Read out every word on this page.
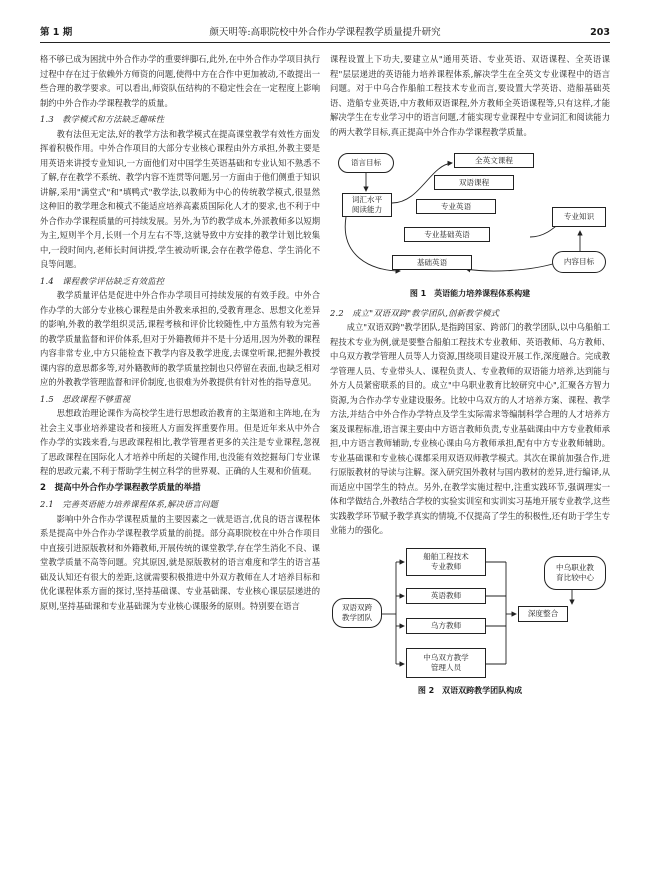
第 1 期	颜天明等:高职院校中外合作办学课程教学质量提升研究	203

格不够已成为困扰中外合作办学的重要绊脚石,此外,在中外合作办学项目执行过程中存在过于依赖外方师资的问题,使得中方在合作中更加被动,不敢提出一些合理的教学要求。可以看出,师资队伍结构的不稳定性会在一定程度上影响制约中外合作办学课程教学的质量。

1.3　教学模式和方法缺乏趣味性

教有法但无定法,好的教学方法和教学模式在提高课堂教学有效性方面发挥着积极作用。中外合作项目的大部分专业核心课程由外方承担,外教主要是用英语来讲授专业知识,一方面他们对中国学生英语基础和专业认知不熟悉不了解,存在教学不系统、教学内容不连贯等问题,另一方面由于他们侧重于知识讲解,采用"满堂式"和"填鸭式"教学法,以教师为中心的传统教学模式,很显然这种旧的教学理念和模式不能适应培养高素质国际化人才的要求,也不利于中外合作办学课程质量的可持续发展。另外,为节约教学成本,外派教师多以短期为主,短则半个月,长则一个月左右不等,这就导致中方安排的教学计划比较集中,一段时间内,老师长时间讲授,学生被动听课,会存在教学倦怠、学生消化不良等问题。

1.4　课程教学评估缺乏有效监控

教学质量评估是促进中外合作办学项目可持续发展的有效手段。中外合作办学的大部分专业核心课程是由外教来承担的,受教育理念、思想文化差异的影响,外教的教学组织灵活,课程考核和评价比较随性,中方虽然有较为完善的教学质量监督和评价体系,但对于外籍教师并不是十分适用,因为外教的课程内容非常专业,中方只能检查下教学内容及教学进度,去课堂听课,把握外教授课内容的意思都多等,对外籍教师的教学质量控制也只停留在表面,也缺乏相对应的外教教学管理监督和评价制度,也很难为外教提供有针对性的指导意见。

1.5　思政课程不够重视

思想政治理论课作为高校学生进行思想政治教育的主渠道和主阵地,在为社会主义事业培养建设者和接班人方面发挥重要作用。但是近年来从中外合作办学的实践来看,与思政课程相比,教学管理者更多的关注是专业课程,忽视了思政课程在国际化人才培养中所起的关键作用,也没能有效挖掘每门专业课程的思政元素,不利于帮助学生树立科学的世界观、正确的人生观和价值观。

2　提高中外合作办学课程教学质量的举措
2.1　完善英语能力培养课程体系,解决语言问题

影响中外合作办学课程质量的主要因素之一就是语言,优良的语言课程体系是提高中外合作办学课程教学质量的前提。部分高职院校在中外合作项目中直接引进原版教材和外籍教师,开展传统的课堂教学,存在学生消化不良、课堂教学质量不高等问题。究其原因,就是原版教材的语言难度和学生的语言基础及认知还有很大的差距,这就需要积极推进中外双方教师在人才培养目标和优化课程体系方面的探讨,坚持基础课、专业基础课、专业核心课层层递进的原则,坚持基础课和专业基础课为专业核心课服务的原则。特别要在语言

课程设置上下功夫,要建立从"通用英语、专业英语、双语课程、全英语课程"层层递进的英语能力培养课程体系,解决学生在全英文专业课程中的语言问题。对于中乌合作船舶工程技术专业而言,要设置大学英语、造船基础英语、造船专业英语,中方教师双语课程,外方教师全英语课程等,只有这样,才能解决学生在专业学习中的语言问题,才能实现专业课程中专业词汇和阅读能力的两大教学目标,真正提高中外合作办学课程教学质量。

语言目标
词汇水平
阅读能力
全英文课程
双语课程
专业英语
专业基础英语
基础英语
专业知识
内容目标
图 1　英语能力培养课程体系构建
2.2　成立"双语双跨"教学团队,创新教学模式

成立"双语双跨"教学团队,是指跨国家、跨部门的教学团队,以中乌船舶工程技术专业为例,就是要整合船舶工程技术专业教师、英语教师、乌方教师、中乌双方教学管理人员等人力资源,围绕项目建设开展工作,深度融合。完成教学管理人员、专业带头人、课程负责人、专业教师的双语能力培养,达到能与外方人员紧密联系的目的。成立"中乌职业教育比较研究中心",汇聚各方智力资源,为合作办学专业建设服务。比较中乌双方的人才培养方案、课程、教学方法,并结合中外合作办学特点及学生实际需求等编制科学合理的人才培养方案及课程标准,语言课主要由中方语言教师负责,专业基础课由中方专业教师承担,中方语言教师辅助,专业核心课由乌方教师承担,配有中方专业教师辅助。专业基础课和专业核心课都采用双语双师教学模式。其次在课前加强合作,进行原版教材的导读与注解。深入研究国外教材与国内教材的差异,进行编译,从而适应中国学生的特点。另外,在教学实施过程中,注重实践环节,强调理实一体和学做结合,外教结合学校的实验实训室和实训实习基地开展专业教学,这些实践教学环节赋予教学真实的情境,不仅提高了学生的积极性,还有助于学生专业能力的强化。

双语双跨
教学团队
船舶工程技术
专业教师
英语教师
乌方教师
中乌双方教学
管理人员
深度整合
中乌职业教
育比较中心
图 2　双语双跨教学团队构成
